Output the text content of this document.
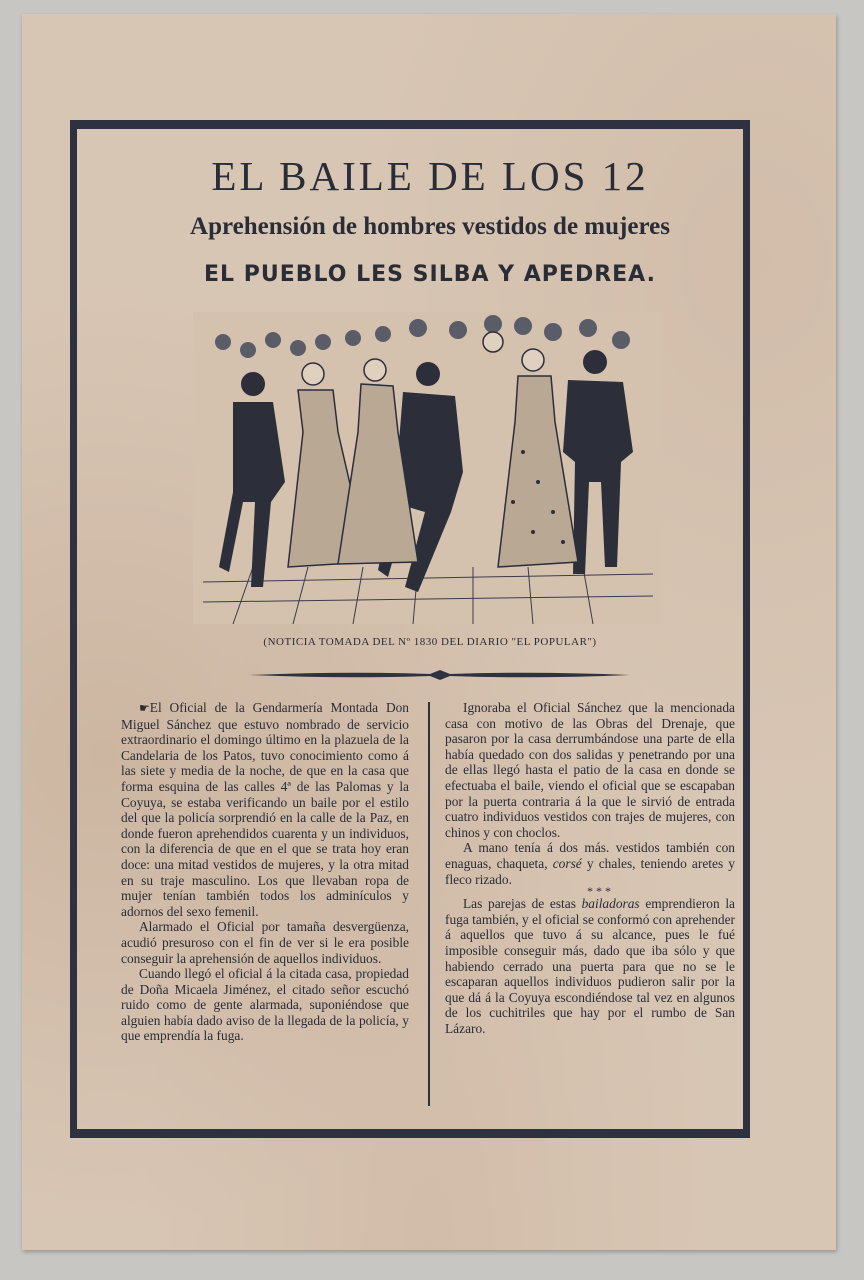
EL BAILE DE LOS 12
Aprehensión de hombres vestidos de mujeres
EL PUEBLO LES SILBA Y APEDREA.
(NOTICIA TOMADA DEL Nº 1830 DEL DIARIO "EL POPULAR")

☛El Oficial de la Gendarmería Montada Don Miguel Sánchez que estuvo nombrado de servicio extraordinario el domingo último en la plazuela de la Candelaria de los Patos, tuvo conocimiento como á las siete y media de la noche, de que en la casa que forma esquina de las calles 4ª de las Palomas y la Coyuya, se estaba verificando un baile por el estilo del que la policía sorprendió en la calle de la Paz, en donde fueron aprehendidos cuarenta y un individuos, con la diferencia de que en el que se trata hoy eran doce: una mitad vestidos de mujeres, y la otra mitad en su traje masculino. Los que llevaban ropa de mujer tenían también todos los adminículos y adornos del sexo femenil.

Alarmado el Oficial por tamaña desvergüenza, acudió presuroso con el fin de ver si le era posible conseguir la aprehensión de aquellos individuos.

Cuando llegó el oficial á la citada casa, propiedad de Doña Micaela Jiménez, el citado señor escuchó ruido como de gente alarmada, suponiéndose que alguien había dado aviso de la llegada de la policía, y que emprendía la fuga.

Ignoraba el Oficial Sánchez que la mencionada casa con motivo de las Obras del Drenaje, que pasaron por la casa derrumbándose una parte de ella había quedado con dos salidas y penetrando por una de ellas llegó hasta el patio de la casa en donde se efectuaba el baile, viendo el oficial que se escapaban por la puerta contraria á la que le sirvió de entrada cuatro individuos vestidos con trajes de mujeres, con chinos y con choclos.

A mano tenía á dos más. vestidos también con enaguas, chaqueta, corsé y chales, teniendo aretes y fleco rizado.

* * *

Las parejas de estas bailadoras emprendieron la fuga también, y el oficial se conformó con aprehender á aquellos que tuvo á su alcance, pues le fué imposible conseguir más, dado que iba sólo y que habiendo cerrado una puerta para que no se le escaparan aquellos individuos pudieron salir por la que dá á la Coyuya escondiéndose tal vez en algunos de los cuchitriles que hay por el rumbo de San Lázaro.
